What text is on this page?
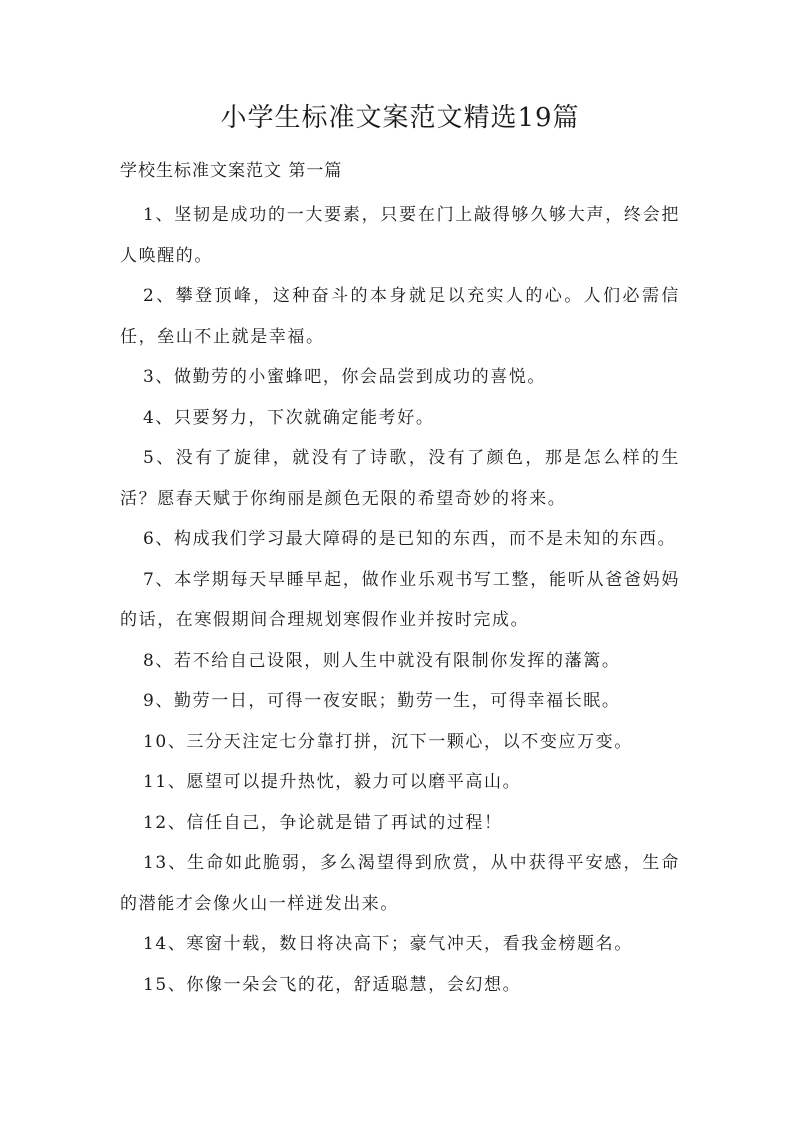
小学生标准文案范文精选19篇
学校生标准文案范文 第一篇
1、坚韧是成功的一大要素，只要在门上敲得够久够大声，终会把人唤醒的。
2、攀登顶峰，这种奋斗的本身就足以充实人的心。人们必需信任，垒山不止就是幸福。
3、做勤劳的小蜜蜂吧，你会品尝到成功的喜悦。
4、只要努力，下次就确定能考好。
5、没有了旋律，就没有了诗歌，没有了颜色，那是怎么样的生活？愿春天赋于你绚丽是颜色无限的希望奇妙的将来。
6、构成我们学习最大障碍的是已知的东西，而不是未知的东西。
7、本学期每天早睡早起，做作业乐观书写工整，能听从爸爸妈妈的话，在寒假期间合理规划寒假作业并按时完成。
8、若不给自己设限，则人生中就没有限制你发挥的藩篱。
9、勤劳一日，可得一夜安眠；勤劳一生，可得幸福长眠。
10、三分天注定七分靠打拼，沉下一颗心，以不变应万变。
11、愿望可以提升热忱，毅力可以磨平高山。
12、信任自己，争论就是错了再试的过程！
13、生命如此脆弱，多么渴望得到欣赏，从中获得平安感，生命的潜能才会像火山一样迸发出来。
14、寒窗十载，数日将决高下；豪气冲天，看我金榜题名。
15、你像一朵会飞的花，舒适聪慧，会幻想。
